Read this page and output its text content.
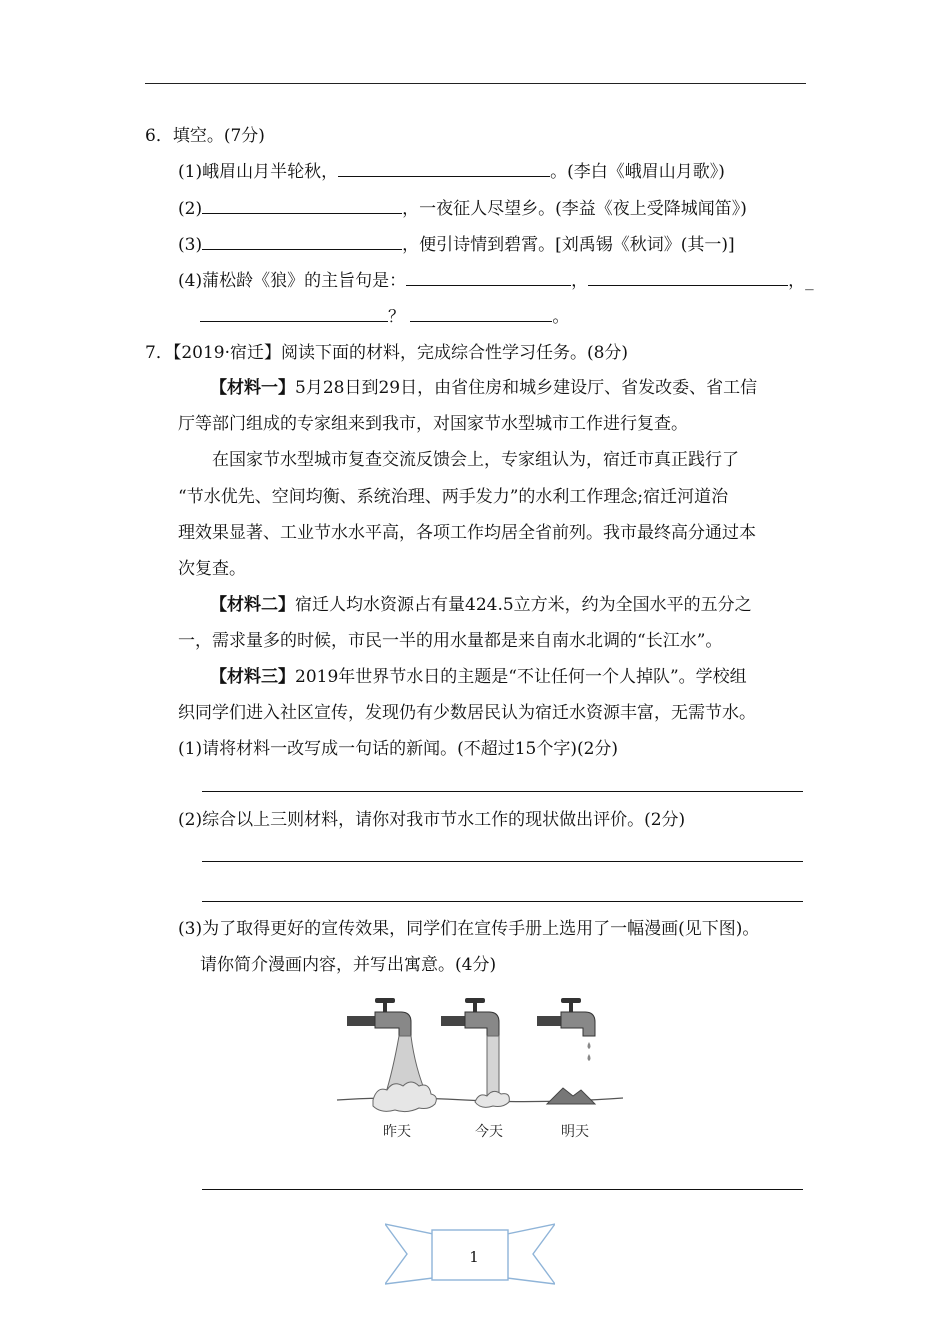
6．填空。(7分)
(1)峨眉山月半轮秋，	。(李白《峨眉山月歌》)
(2)	，一夜征人尽望乡。(李益《夜上受降城闻笛》)
(3)	，便引诗情到碧霄。[刘禹锡《秋词》(其一)]
(4)蒲松龄《狼》的主旨句是：	，	，_
？	。
7．【2019·宿迁】阅读下面的材料，完成综合性学习任务。(8分)
【材料一】5月28日到29日，由省住房和城乡建设厅、省发改委、省工信
厅等部门组成的专家组来到我市，对国家节水型城市工作进行复查。
在国家节水型城市复查交流反馈会上，专家组认为，宿迁市真正践行了
“节水优先、空间均衡、系统治理、两手发力”的水利工作理念;宿迁河道治
理效果显著、工业节水水平高，各项工作均居全省前列。我市最终高分通过本
次复查。
【材料二】宿迁人均水资源占有量424.5立方米，约为全国水平的五分之
一，需求量多的时候，市民一半的用水量都是来自南水北调的“长江水”。
【材料三】2019年世界节水日的主题是“不让任何一个人掉队”。学校组
织同学们进入社区宣传，发现仍有少数居民认为宿迁水资源丰富，无需节水。
(1)请将材料一改写成一句话的新闻。(不超过15个字)(2分)
(2)综合以上三则材料，请你对我市节水工作的现状做出评价。(2分)
(3)为了取得更好的宣传效果，同学们在宣传手册上选用了一幅漫画(见下图)。
请你简介漫画内容，并写出寓意。(4分)
昨天	今天	明天
1
